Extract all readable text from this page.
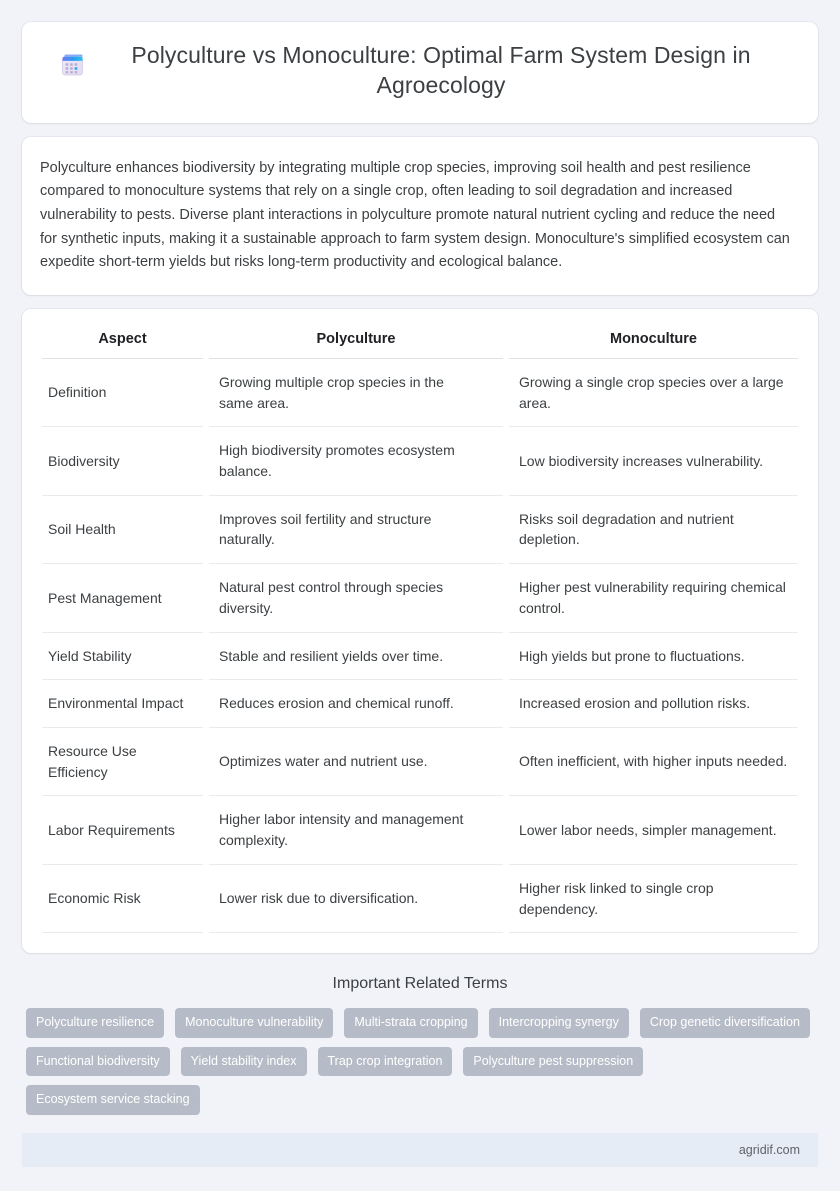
Polyculture vs Monoculture: Optimal Farm System Design in Agroecology

Polyculture enhances biodiversity by integrating multiple crop species, improving soil health and pest resilience compared to monoculture systems that rely on a single crop, often leading to soil degradation and increased vulnerability to pests. Diverse plant interactions in polyculture promote natural nutrient cycling and reduce the need for synthetic inputs, making it a sustainable approach to farm system design. Monoculture's simplified ecosystem can expedite short-term yields but risks long-term productivity and ecological balance.

Aspect	Polyculture	Monoculture
Definition	Growing multiple crop species in the same area.	Growing a single crop species over a large area.
Biodiversity	High biodiversity promotes ecosystem balance.	Low biodiversity increases vulnerability.
Soil Health	Improves soil fertility and structure naturally.	Risks soil degradation and nutrient depletion.
Pest Management	Natural pest control through species diversity.	Higher pest vulnerability requiring chemical control.
Yield Stability	Stable and resilient yields over time.	High yields but prone to fluctuations.
Environmental Impact	Reduces erosion and chemical runoff.	Increased erosion and pollution risks.
Resource Use Efficiency	Optimizes water and nutrient use.	Often inefficient, with higher inputs needed.
Labor Requirements	Higher labor intensity and management complexity.	Lower labor needs, simpler management.
Economic Risk	Lower risk due to diversification.	Higher risk linked to single crop dependency.
Important Related Terms
Polyculture resilience	Monoculture vulnerability	Multi-strata cropping	Intercropping synergy	Crop genetic diversification
Functional biodiversity	Yield stability index	Trap crop integration	Polyculture pest suppression
Ecosystem service stacking
agridif.com
